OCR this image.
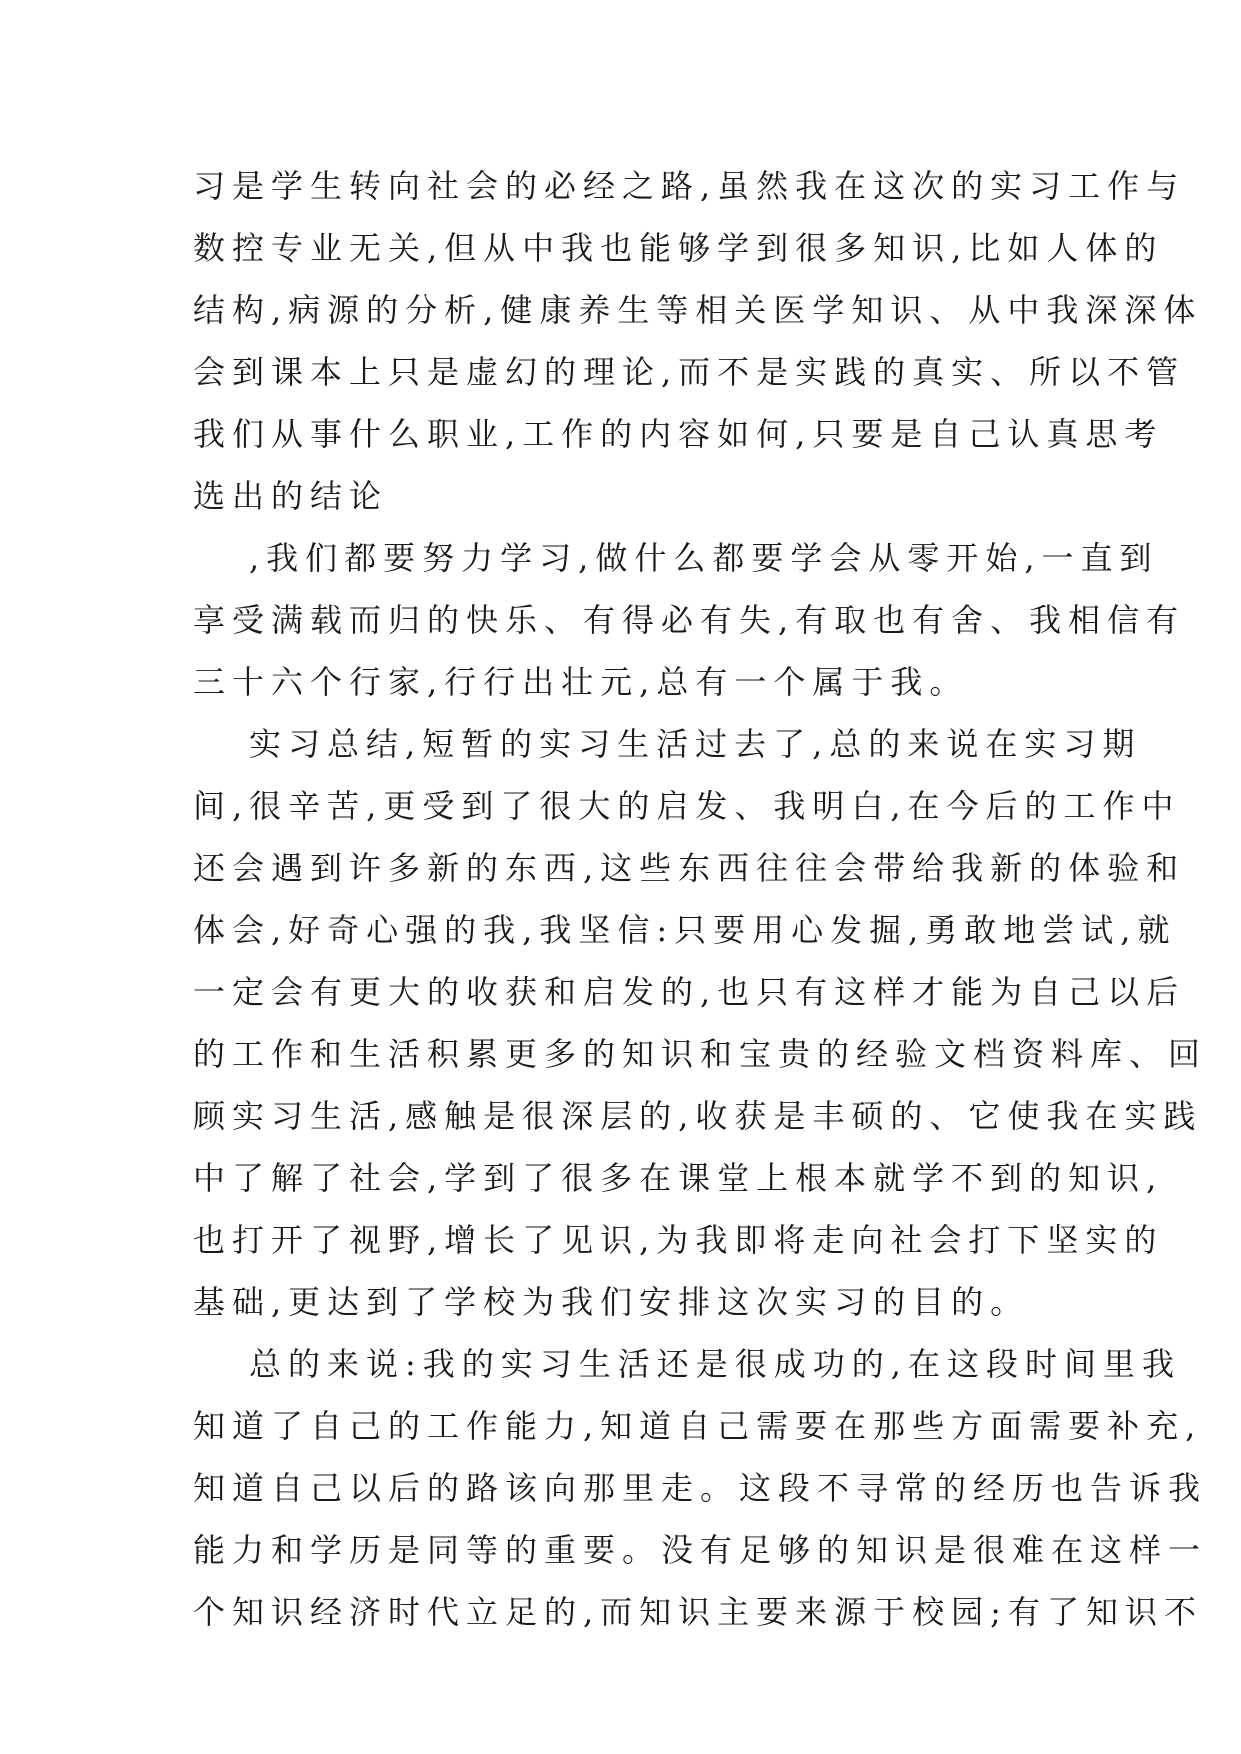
习是学生转向社会的必经之路,虽然我在这次的实习工作与
数控专业无关,但从中我也能够学到很多知识,比如人体的
结构,病源的分析,健康养生等相关医学知识、从中我深深体
会到课本上只是虚幻的理论,而不是实践的真实、所以不管
我们从事什么职业,工作的内容如何,只要是自己认真思考
选出的结论
,我们都要努力学习,做什么都要学会从零开始,一直到
享受满载而归的快乐、有得必有失,有取也有舍、我相信有
三十六个行家,行行出壮元,总有一个属于我。
实习总结,短暂的实习生活过去了,总的来说在实习期
间,很辛苦,更受到了很大的启发、我明白,在今后的工作中
还会遇到许多新的东西,这些东西往往会带给我新的体验和
体会,好奇心强的我,我坚信:只要用心发掘,勇敢地尝试,就
一定会有更大的收获和启发的,也只有这样才能为自己以后
的工作和生活积累更多的知识和宝贵的经验文档资料库、回
顾实习生活,感触是很深层的,收获是丰硕的、它使我在实践
中了解了社会,学到了很多在课堂上根本就学不到的知识,
也打开了视野,增长了见识,为我即将走向社会打下坚实的
基础,更达到了学校为我们安排这次实习的目的。
总的来说:我的实习生活还是很成功的,在这段时间里我
知道了自己的工作能力,知道自己需要在那些方面需要补充,
知道自己以后的路该向那里走。这段不寻常的经历也告诉我
能力和学历是同等的重要。没有足够的知识是很难在这样一
个知识经济时代立足的,而知识主要来源于校园;有了知识不
